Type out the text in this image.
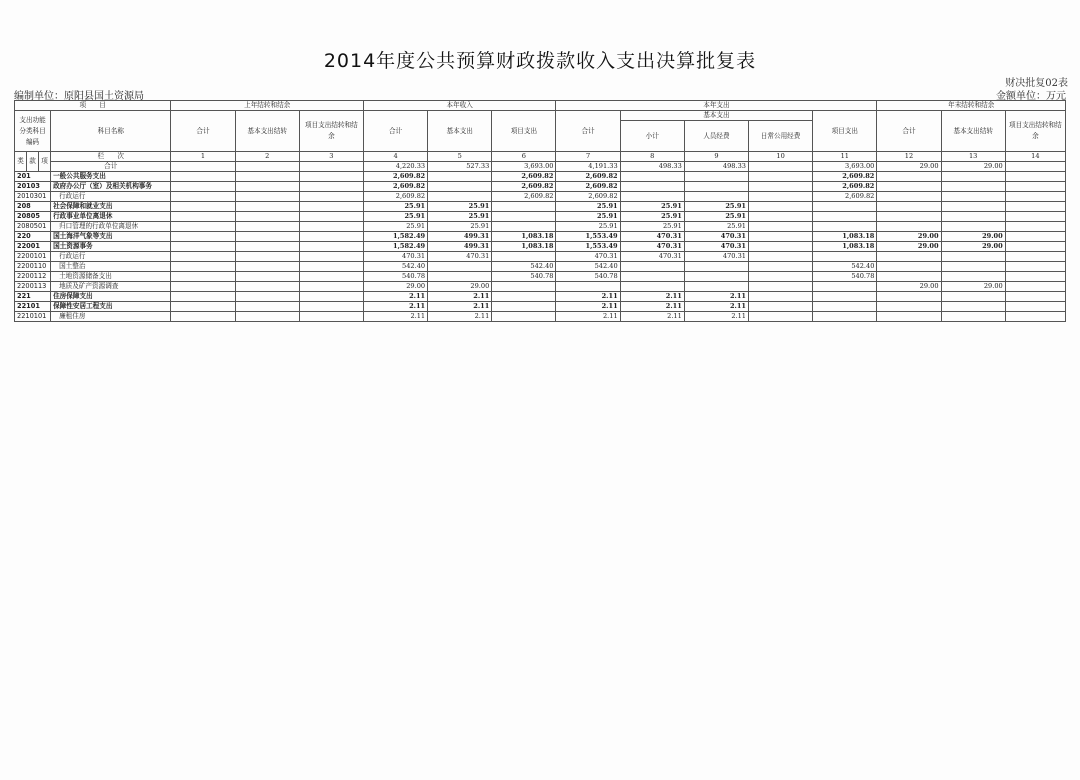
2014年度公共预算财政拨款收入支出决算批复表
财决批复02表
编制单位：原阳县国土资源局	金额单位：万元
项　　目				上年结转和结余			本年收入			本年支出					年末结转和结余		
支出功能分类科目编码			科目名称	合计	基本支出结转	项目支出结转和结余	合计	基本支出	项目支出	合计	基本支出			项目支出	合计	基本支出结转	项目支出结转和结余
											小计	人员经费	日常公用经费				
类	款	项	栏　　次	1	2	3	4	5	6	7	8	9	10	11	12	13	14
			合计				4,220.33	527.33	3,693.00	4,191.33	498.33	498.33		3,693.00	29.00	29.00	
201			一般公共服务支出				2,609.82		2,609.82	2,609.82				2,609.82			
20103			政府办公厅（室）及相关机构事务				2,609.82		2,609.82	2,609.82				2,609.82			
2010301			行政运行				2,609.82		2,609.82	2,609.82				2,609.82			
208			社会保障和就业支出				25.91	25.91		25.91	25.91	25.91					
20805			行政事业单位离退休				25.91	25.91		25.91	25.91	25.91					
2080501			归口管理的行政单位离退休				25.91	25.91		25.91	25.91	25.91					
220			国土海洋气象等支出				1,582.49	499.31	1,083.18	1,553.49	470.31	470.31		1,083.18	29.00	29.00	
22001			国土资源事务				1,582.49	499.31	1,083.18	1,553.49	470.31	470.31		1,083.18	29.00	29.00	
2200101			行政运行				470.31	470.31		470.31	470.31	470.31					
2200110			国土整治				542.40		542.40	542.40				542.40			
2200112			土地资源储备支出				540.78		540.78	540.78				540.78			
2200113			地质及矿产资源调查				29.00	29.00							29.00	29.00	
221			住房保障支出				2.11	2.11		2.11	2.11	2.11					
22101			保障性安居工程支出				2.11	2.11		2.11	2.11	2.11					
2210101			廉租住房				2.11	2.11		2.11	2.11	2.11					
